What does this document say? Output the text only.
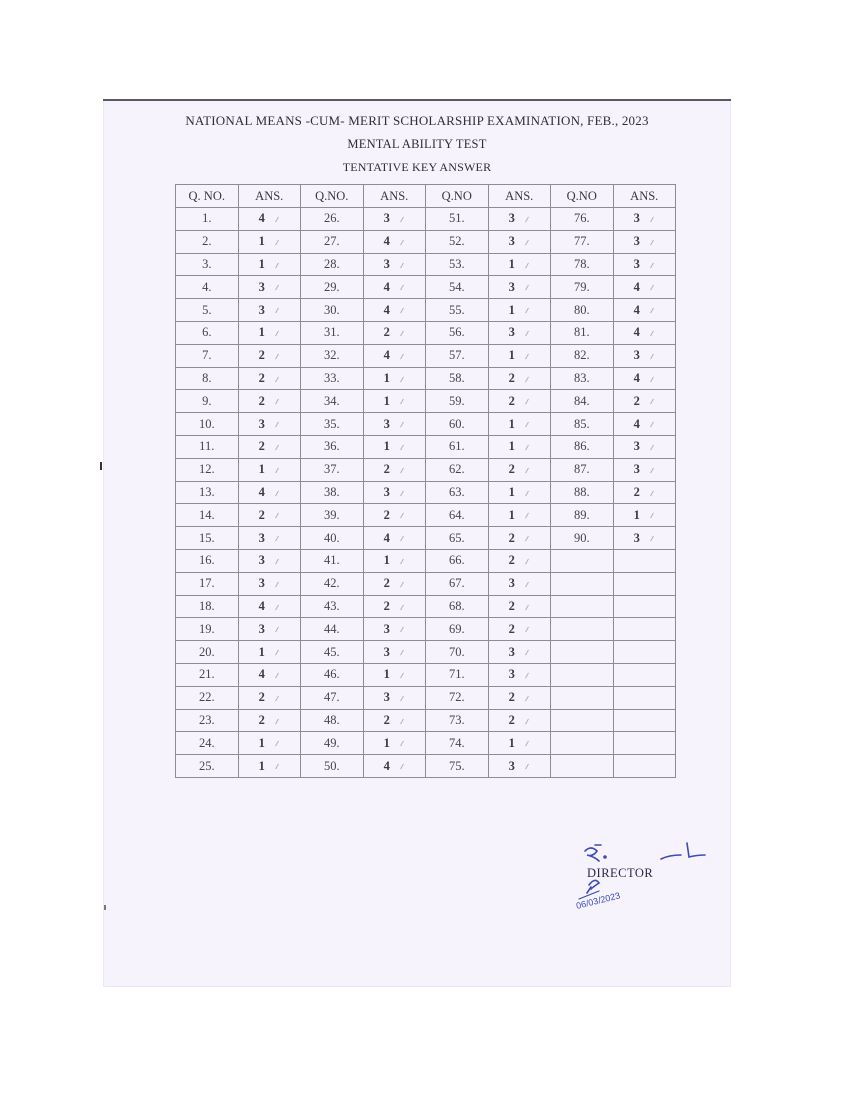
NATIONAL MEANS -CUM- MERIT SCHOLARSHIP EXAMINATION, FEB., 2023
MENTAL ABILITY TEST
TENTATIVE KEY ANSWER
Q. NO.	ANS.	Q.NO.	ANS.	Q.NO	ANS.	Q.NO	ANS.
1.	4	26.	3	51.	3	76.	3
2.	1	27.	4	52.	3	77.	3
3.	1	28.	3	53.	1	78.	3
4.	3	29.	4	54.	3	79.	4
5.	3	30.	4	55.	1	80.	4
6.	1	31.	2	56.	3	81.	4
7.	2	32.	4	57.	1	82.	3
8.	2	33.	1	58.	2	83.	4
9.	2	34.	1	59.	2	84.	2
10.	3	35.	3	60.	1	85.	4
11.	2	36.	1	61.	1	86.	3
12.	1	37.	2	62.	2	87.	3
13.	4	38.	3	63.	1	88.	2
14.	2	39.	2	64.	1	89.	1
15.	3	40.	4	65.	2	90.	3
16.	3	41.	1	66.	2		
17.	3	42.	2	67.	3		
18.	4	43.	2	68.	2		
19.	3	44.	3	69.	2		
20.	1	45.	3	70.	3		
21.	4	46.	1	71.	3		
22.	2	47.	3	72.	2		
23.	2	48.	2	73.	2		
24.	1	49.	1	74.	1		
25.	1	50.	4	75.	3		
06/03/2023
DIRECTOR
